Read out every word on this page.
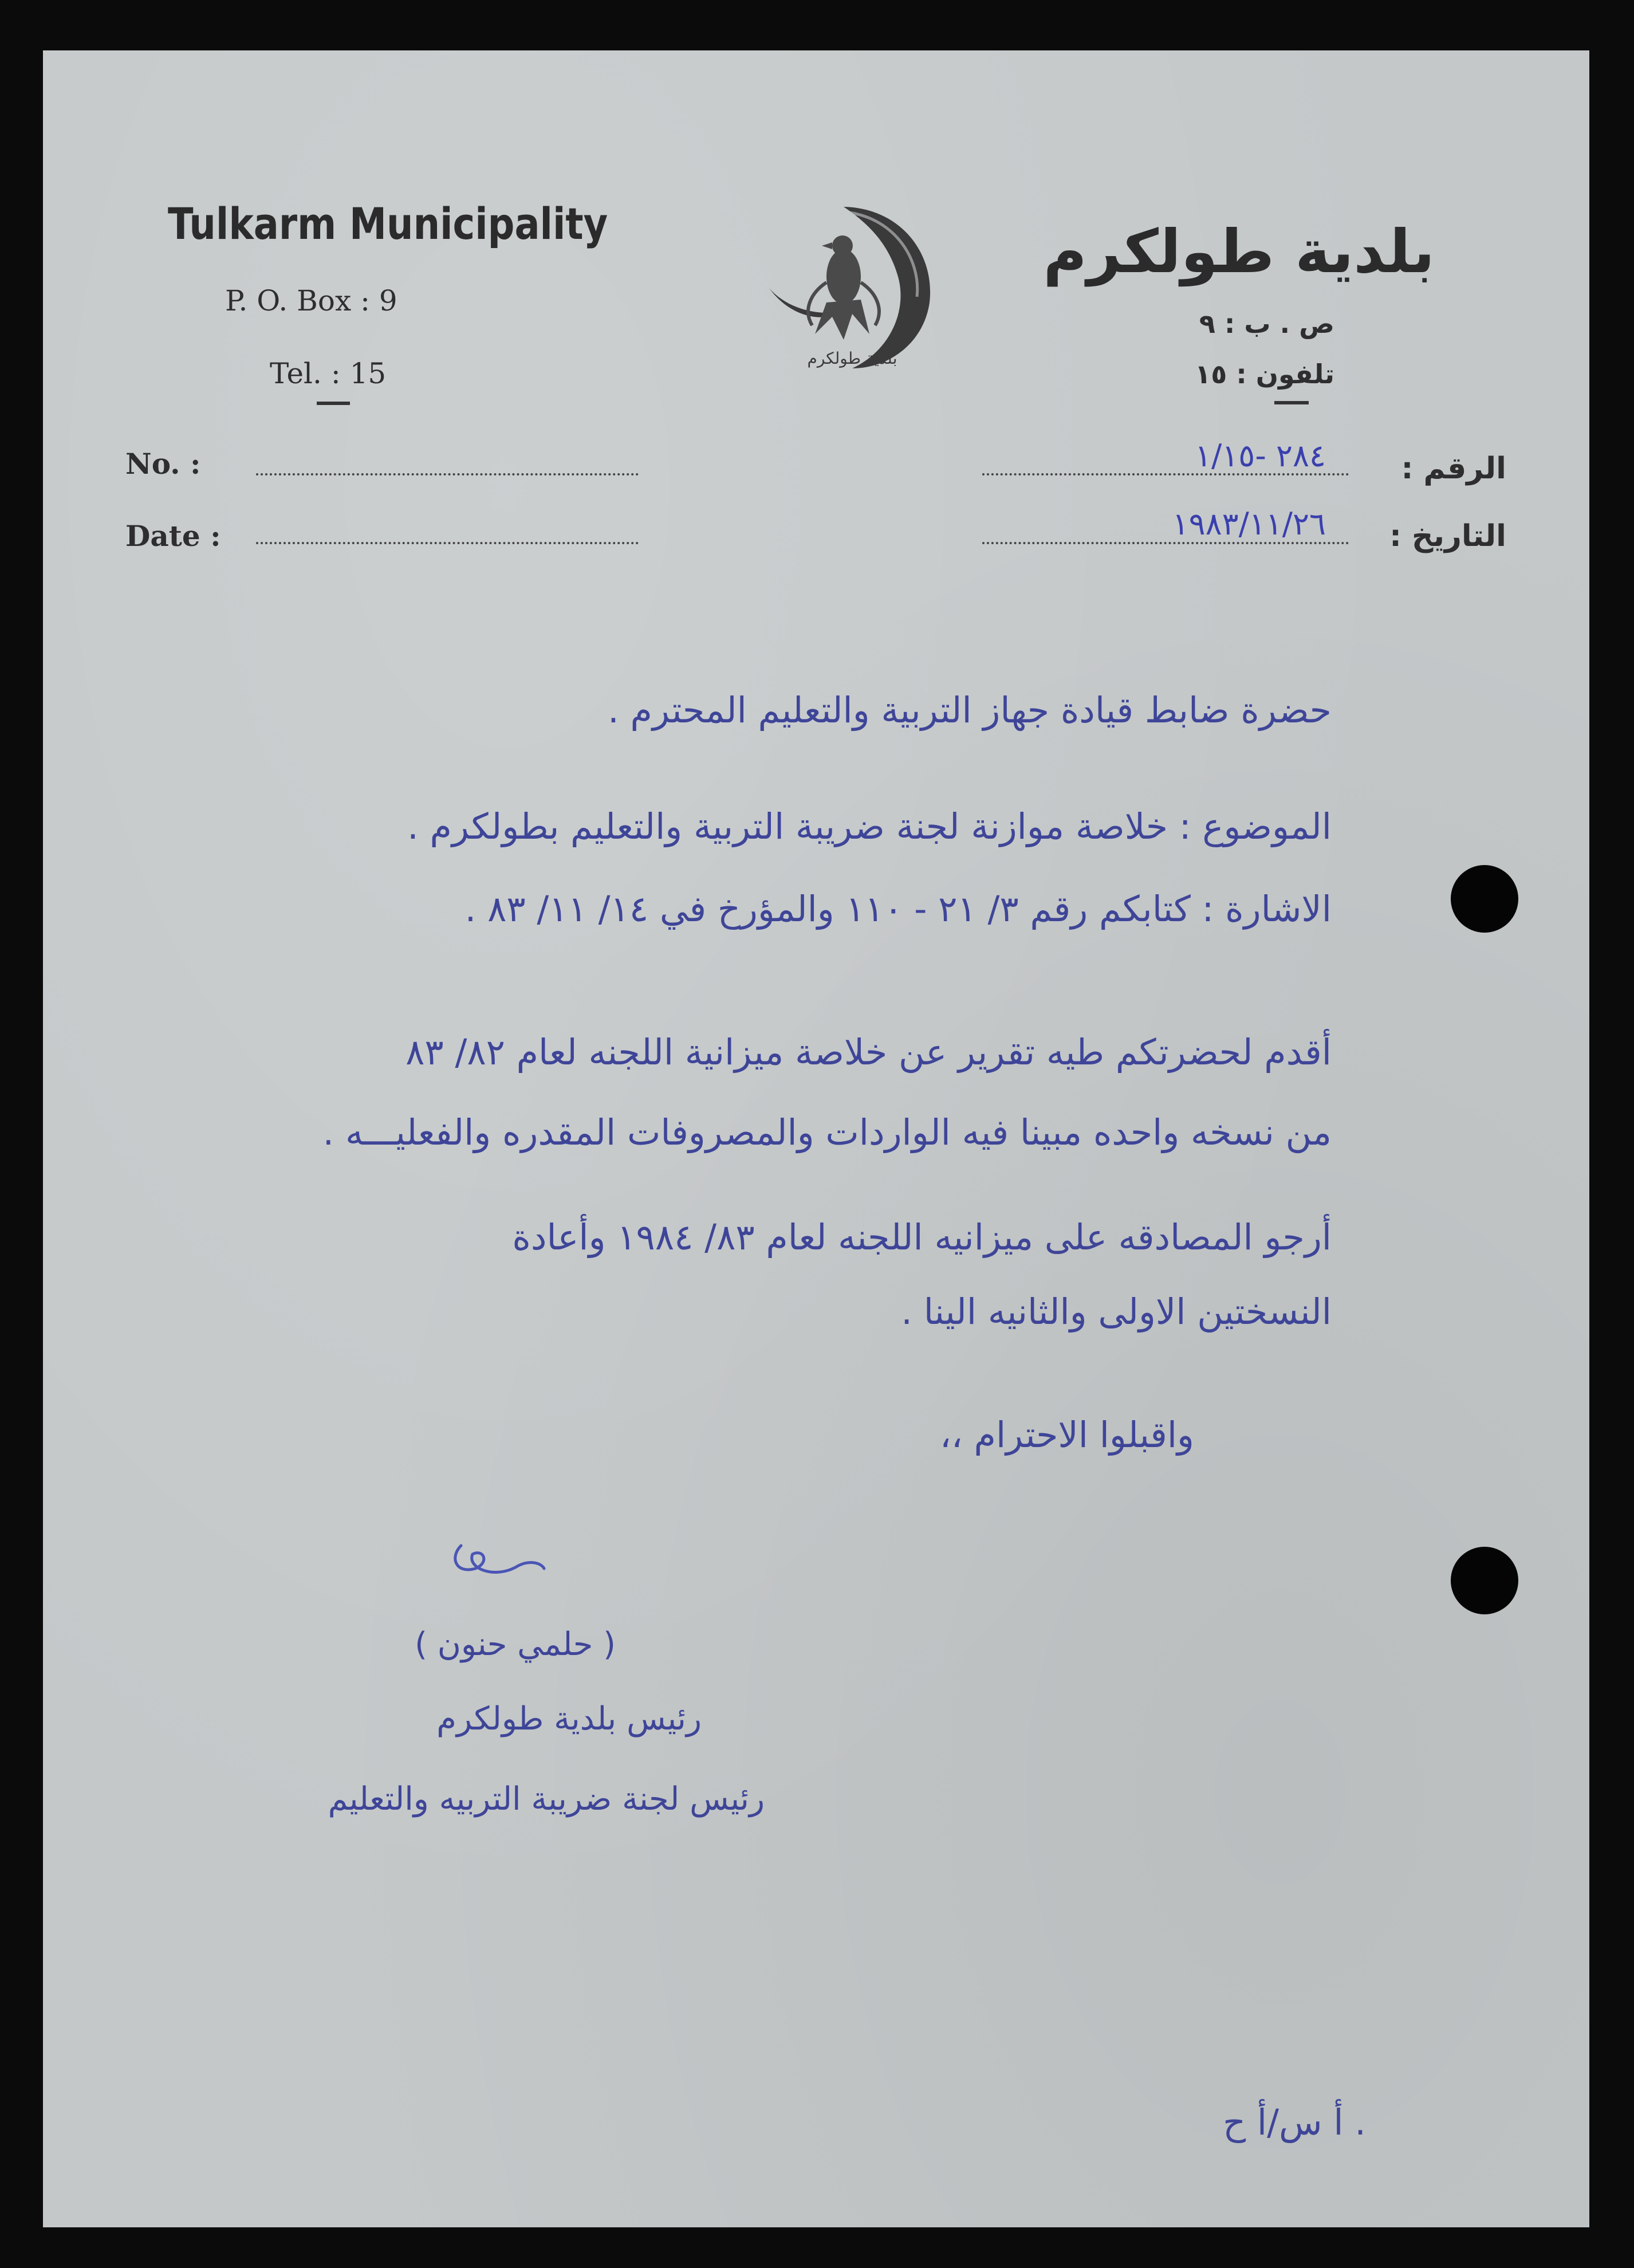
Tulkarm Municipality
P. O. Box : 9
Tel. : 15
No. :
Date :
بلدية طولكرم
بلدية طولكرم
ص . ب : ٩
تلفون : ١٥
الرقم :
٢٨٤ -١/١٥
التاريخ :
١٩٨٣/١١/٢٦
حضرة ضابط قيادة جهاز التربية والتعليم المحترم .
الموضوع : خلاصة موازنة لجنة ضريبة التربية والتعليم بطولكرم .
الاشارة : كتابكم رقم ٣/ ٢١ - ١١٠ والمؤرخ في ١٤/ ١١/ ٨٣ .
أقدم لحضرتكم طيه تقرير عن خلاصة ميزانية اللجنه لعام ٨٢/ ٨٣
من نسخه واحده مبينا فيه الواردات والمصروفات المقدره والفعليـــه .
أرجو المصادقه على ميزانيه اللجنه لعام ٨٣/ ١٩٨٤ وأعادة
النسختين الاولى والثانيه الينا .
واقبلوا الاحترام ،،
( حلمي حنون )
رئيس بلدية طولكرم
رئيس لجنة ضريبة التربيه والتعليم
أ س/أ ح .
